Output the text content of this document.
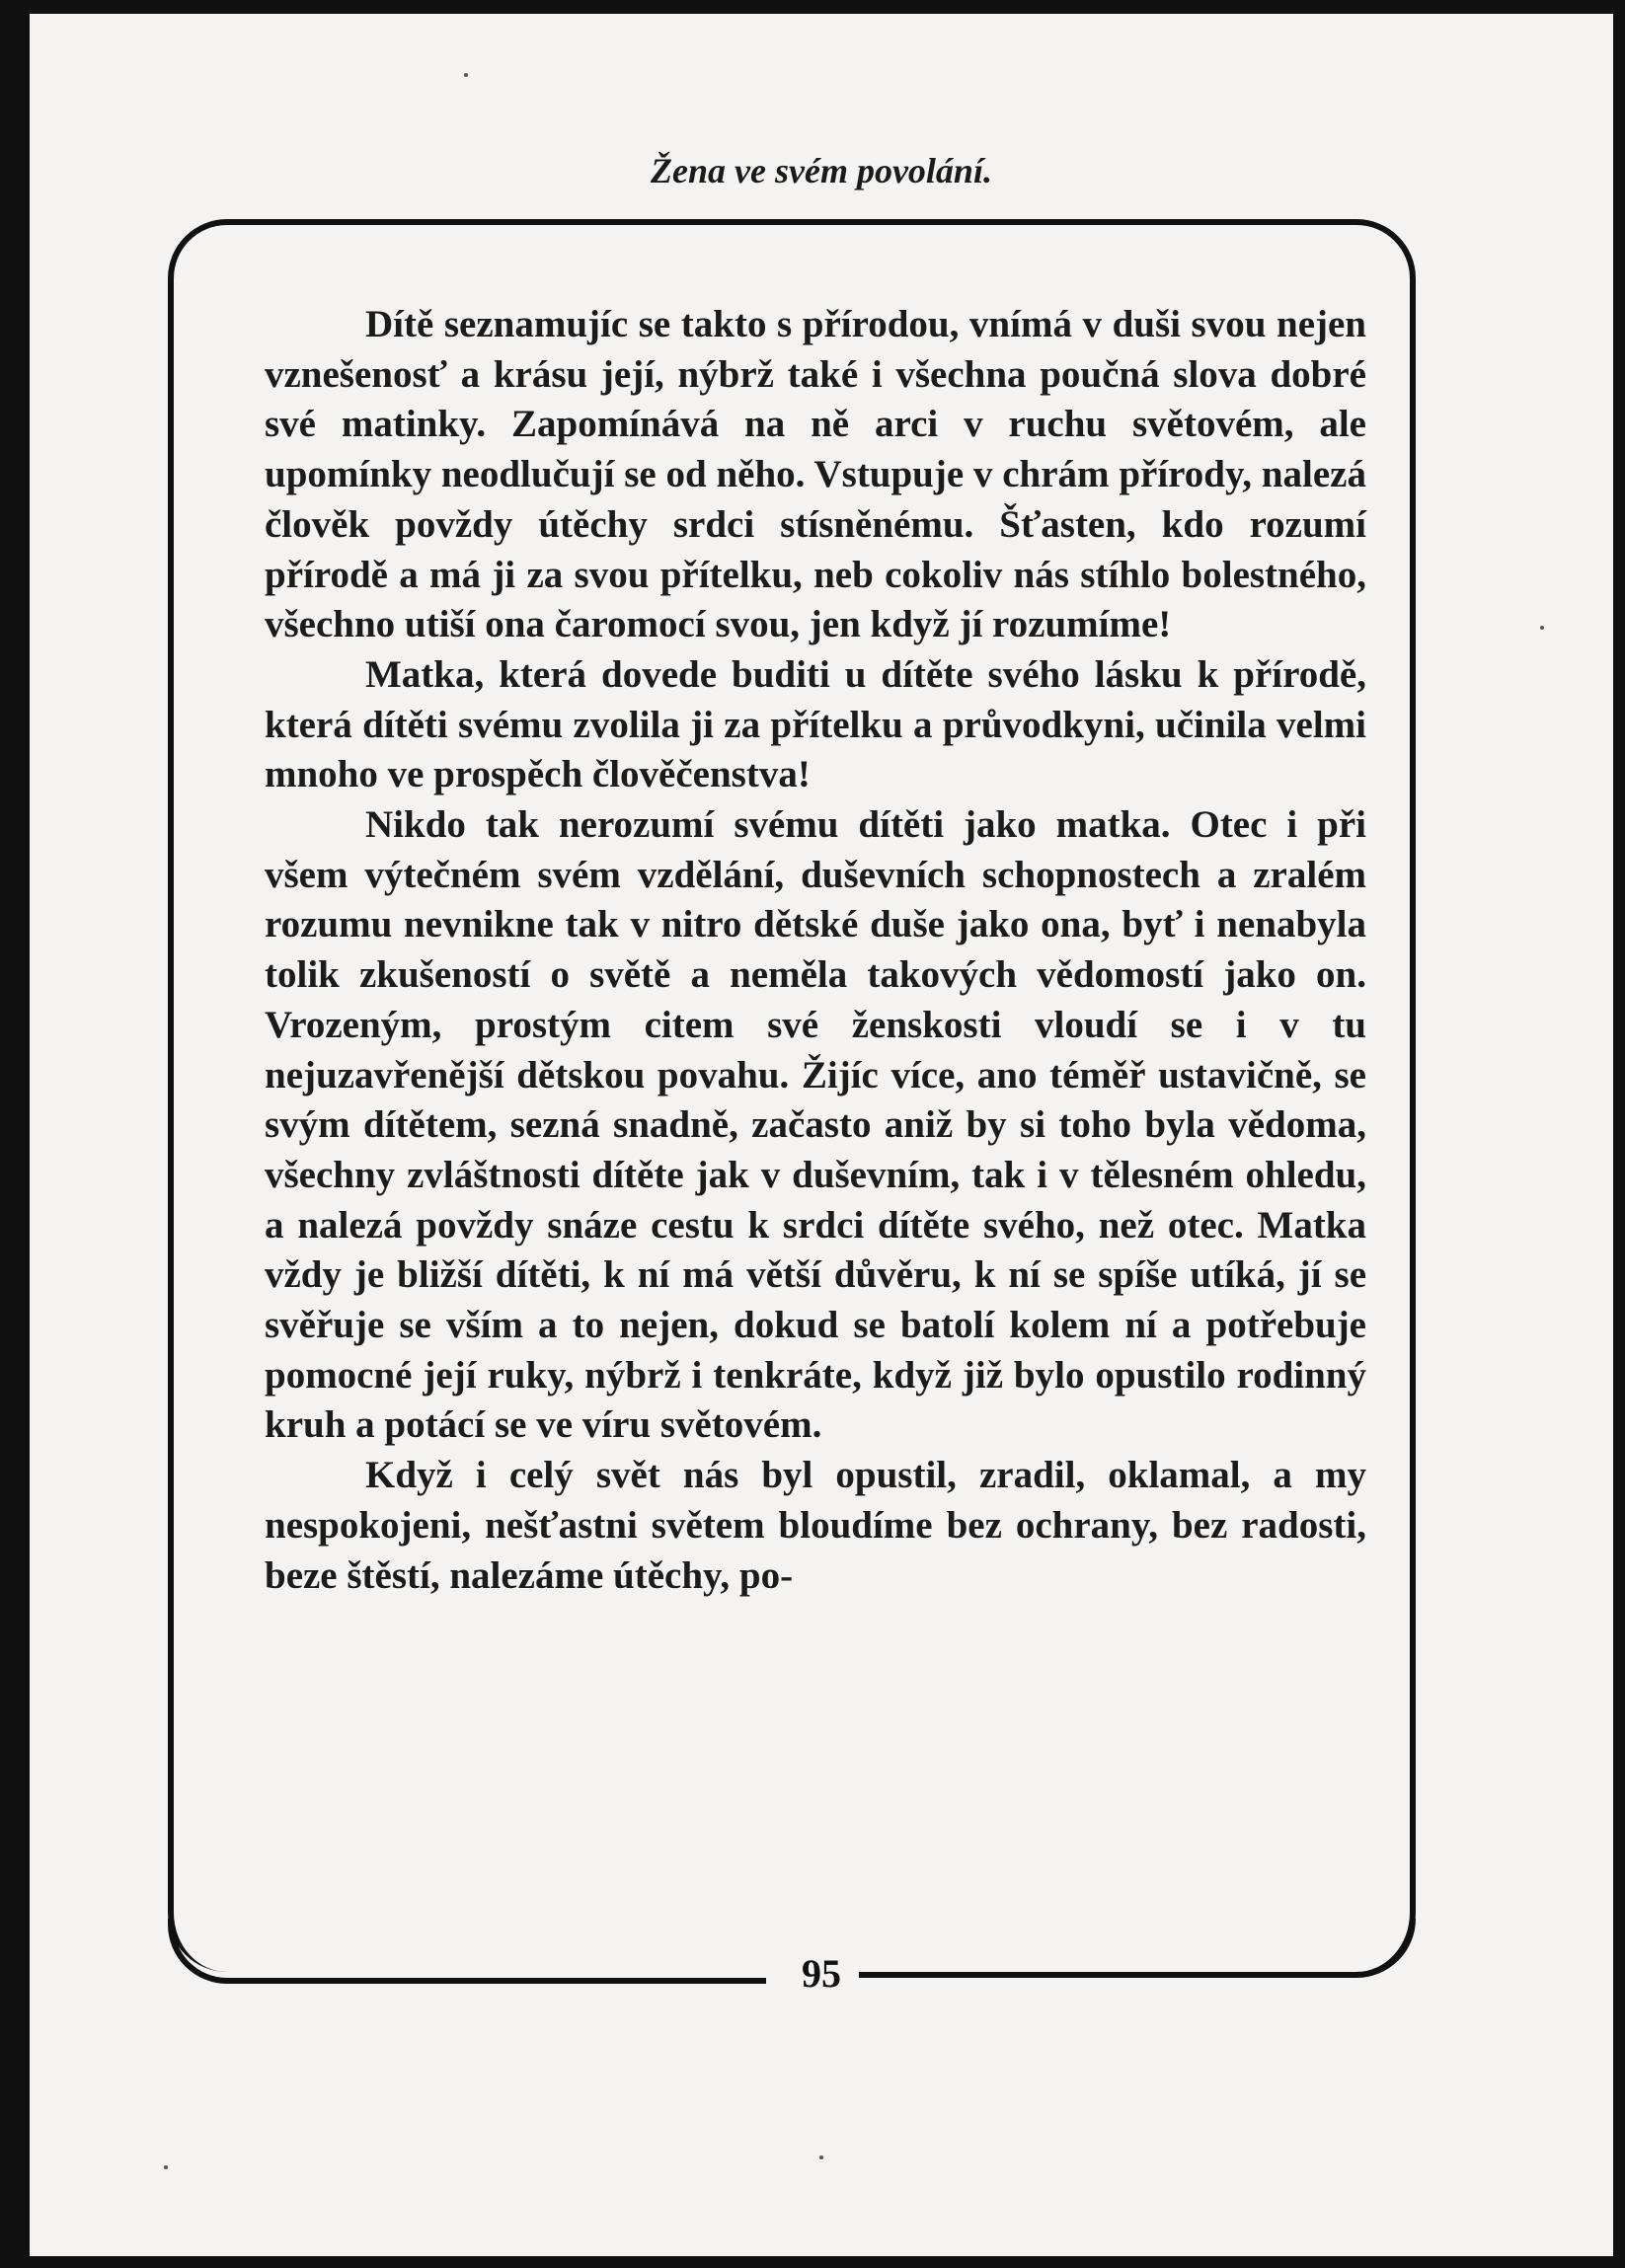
Žena ve svém povolání.

Dítě seznamujíc se takto s přírodou, vnímá v duši svou nejen vznešenosť a krásu její, nýbrž také i všechna poučná slova dobré své matinky. Zapomínává na ně arci v ruchu světovém, ale upomínky neodlučují se od něho. Vstupuje v chrám přírody, nalezá člověk povždy útěchy srdci stísněnému. Šťasten, kdo rozumí přírodě a má ji za svou přítelku, neb cokoliv nás stíhlo bolestného, všechno utiší ona čaromocí svou, jen když jí rozumíme!

Matka, která dovede buditi u dítěte svého lásku k přírodě, která dítěti svému zvolila ji za přítelku a průvodkyni, učinila velmi mnoho ve prospěch člověčenstva!

Nikdo tak nerozumí svému dítěti jako matka. Otec i při všem výtečném svém vzdělání, duševních schopnostech a zralém rozumu nevnikne tak v nitro dětské duše jako ona, byť i nenabyla tolik zkušeností o světě a neměla takových vědomostí jako on. Vrozeným, prostým citem své ženskosti vloudí se i v tu nejuzavřenější dětskou povahu. Žijíc více, ano téměř ustavičně, se svým dítětem, sezná snadně, začasto aniž by si toho byla vědoma, všechny zvláštnosti dítěte jak v duševním, tak i v tělesném ohledu, a nalezá povždy snáze cestu k srdci dítěte svého, než otec. Matka vždy je bližší dítěti, k ní má větší důvěru, k ní se spíše utíká, jí se svěřuje se vším a to nejen, dokud se batolí kolem ní a potřebuje pomocné její ruky, nýbrž i tenkráte, když již bylo opustilo rodinný kruh a potácí se ve víru světovém.

Když i celý svět nás byl opustil, zradil, oklamal, a my nespokojeni, nešťastni světem bloudíme bez ochrany, bez radosti, beze štěstí, nalezáme útěchy, po-

95
